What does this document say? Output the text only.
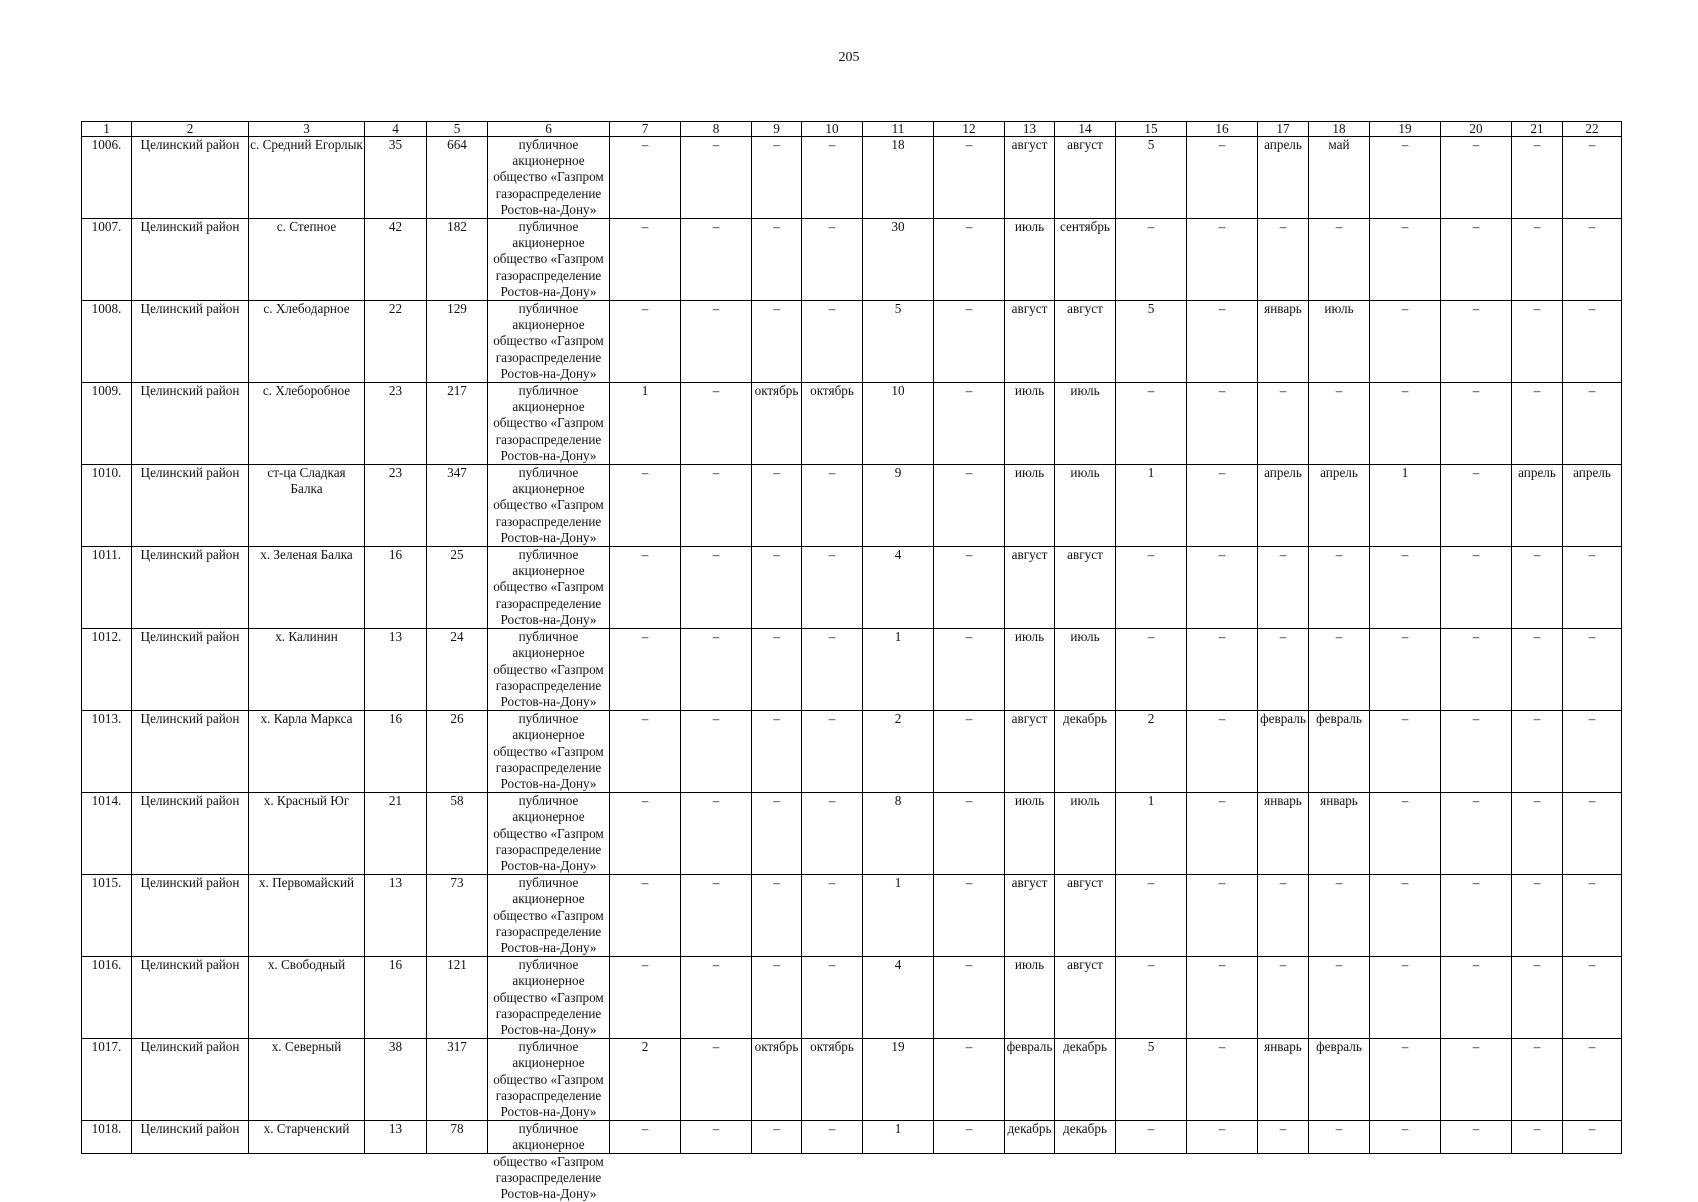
205
1	2	3	4	5	6	7	8	9	10	11	12	13	14	15	16	17	18	19	20	21	22
1006.	Целинский район	с. Средний Егорлык	35	664	публичное акционерное общество «Газпром газораспределение Ростов-на-Дону»	–	–	–	–	18	–	август	август	5	–	апрель	май	–	–	–	–
1007.	Целинский район	с. Степное	42	182	публичное акционерное общество «Газпром газораспределение Ростов-на-Дону»	–	–	–	–	30	–	июль	сентябрь	–	–	–	–	–	–	–	–
1008.	Целинский район	с. Хлебодарное	22	129	публичное акционерное общество «Газпром газораспределение Ростов-на-Дону»	–	–	–	–	5	–	август	август	5	–	январь	июль	–	–	–	–
1009.	Целинский район	с. Хлеборобное	23	217	публичное акционерное общество «Газпром газораспределение Ростов-на-Дону»	1	–	октябрь	октябрь	10	–	июль	июль	–	–	–	–	–	–	–	–
1010.	Целинский район	ст-ца Сладкая Балка	23	347	публичное акционерное общество «Газпром газораспределение Ростов-на-Дону»	–	–	–	–	9	–	июль	июль	1	–	апрель	апрель	1	–	апрель	апрель
1011.	Целинский район	х. Зеленая Балка	16	25	публичное акционерное общество «Газпром газораспределение Ростов-на-Дону»	–	–	–	–	4	–	август	август	–	–	–	–	–	–	–	–
1012.	Целинский район	х. Калинин	13	24	публичное акционерное общество «Газпром газораспределение Ростов-на-Дону»	–	–	–	–	1	–	июль	июль	–	–	–	–	–	–	–	–
1013.	Целинский район	х. Карла Маркса	16	26	публичное акционерное общество «Газпром газораспределение Ростов-на-Дону»	–	–	–	–	2	–	август	декабрь	2	–	февраль	февраль	–	–	–	–
1014.	Целинский район	х. Красный Юг	21	58	публичное акционерное общество «Газпром газораспределение Ростов-на-Дону»	–	–	–	–	8	–	июль	июль	1	–	январь	январь	–	–	–	–
1015.	Целинский район	х. Первомайский	13	73	публичное акционерное общество «Газпром газораспределение Ростов-на-Дону»	–	–	–	–	1	–	август	август	–	–	–	–	–	–	–	–
1016.	Целинский район	х. Свободный	16	121	публичное акционерное общество «Газпром газораспределение Ростов-на-Дону»	–	–	–	–	4	–	июль	август	–	–	–	–	–	–	–	–
1017.	Целинский район	х. Северный	38	317	публичное акционерное общество «Газпром газораспределение Ростов-на-Дону»	2	–	октябрь	октябрь	19	–	февраль	декабрь	5	–	январь	февраль	–	–	–	–
1018.	Целинский район	х. Старченский	13	78	публичное акционерное общество «Газпром газораспределение Ростов-на-Дону»	–	–	–	–	1	–	декабрь	декабрь	–	–	–	–	–	–	–	–
